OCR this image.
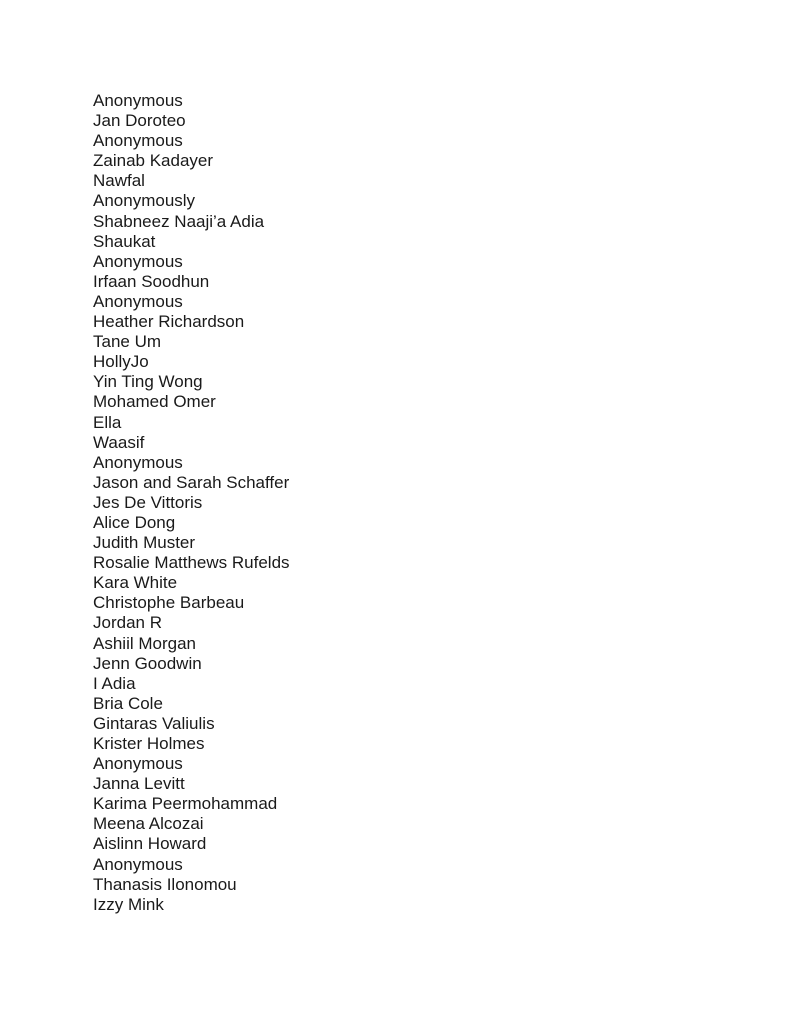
Anonymous
Jan Doroteo
Anonymous
Zainab Kadayer
Nawfal
Anonymously
Shabneez Naaji’a Adia
Shaukat
Anonymous
Irfaan Soodhun
Anonymous
Heather Richardson
Tane Um
HollyJo
Yin Ting Wong
Mohamed Omer
Ella
Waasif
Anonymous
Jason and Sarah Schaffer
Jes De Vittoris
Alice Dong
Judith Muster
Rosalie Matthews Rufelds
Kara White
Christophe Barbeau
Jordan R
Ashiil Morgan
Jenn Goodwin
I Adia
Bria Cole
Gintaras Valiulis
Krister Holmes
Anonymous
Janna Levitt
Karima Peermohammad
Meena Alcozai
Aislinn Howard
Anonymous
Thanasis Ilonomou
Izzy Mink
